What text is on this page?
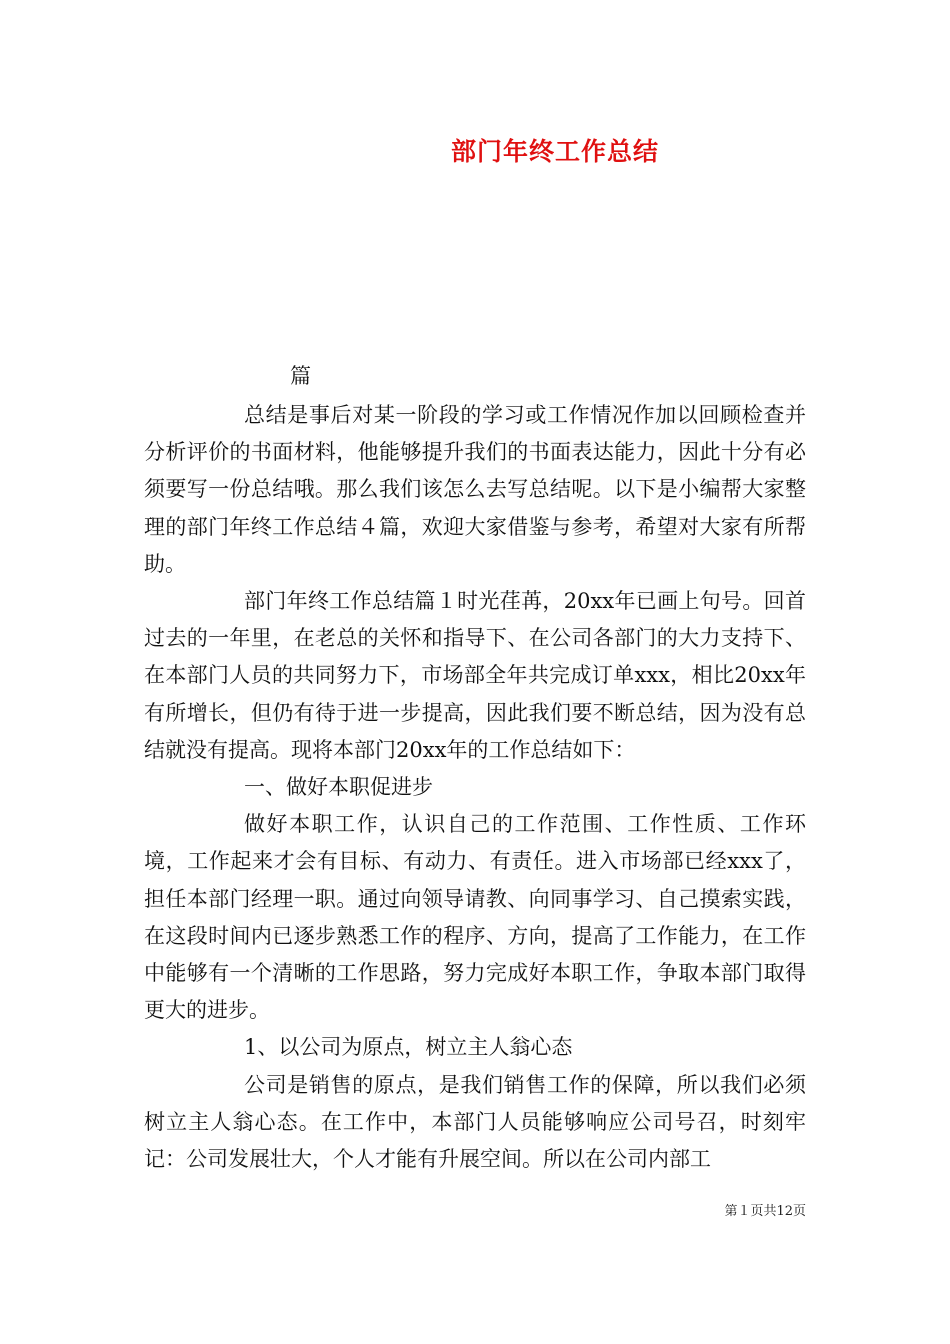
部门年终工作总结
篇

总结是事后对某一阶段的学习或工作情况作加以回顾检查并分析评价的书面材料，他能够提升我们的书面表达能力，因此十分有必须要写一份总结哦。那么我们该怎么去写总结呢。以下是小编帮大家整理的部门年终工作总结４篇，欢迎大家借鉴与参考，希望对大家有所帮助。

部门年终工作总结篇１时光荏苒，20xx年已画上句号。回首过去的一年里，在老总的关怀和指导下、在公司各部门的大力支持下、在本部门人员的共同努力下，市场部全年共完成订单xxx，相比20xx年有所增长，但仍有待于进一步提高，因此我们要不断总结，因为没有总结就没有提高。现将本部门20xx年的工作总结如下：

一、做好本职促进步

做好本职工作，认识自己的工作范围、工作性质、工作环境，工作起来才会有目标、有动力、有责任。进入市场部已经xxx了，担任本部门经理一职。通过向领导请教、向同事学习、自己摸索实践，在这段时间内已逐步熟悉工作的程序、方向，提高了工作能力，在工作中能够有一个清晰的工作思路，努力完成好本职工作，争取本部门取得更大的进步。

1、以公司为原点，树立主人翁心态

公司是销售的原点，是我们销售工作的保障，所以我们必须树立主人翁心态。在工作中，本部门人员能够响应公司号召，时刻牢记：公司发展壮大，个人才能有升展空间。所以在公司内部工

第１页共12页
